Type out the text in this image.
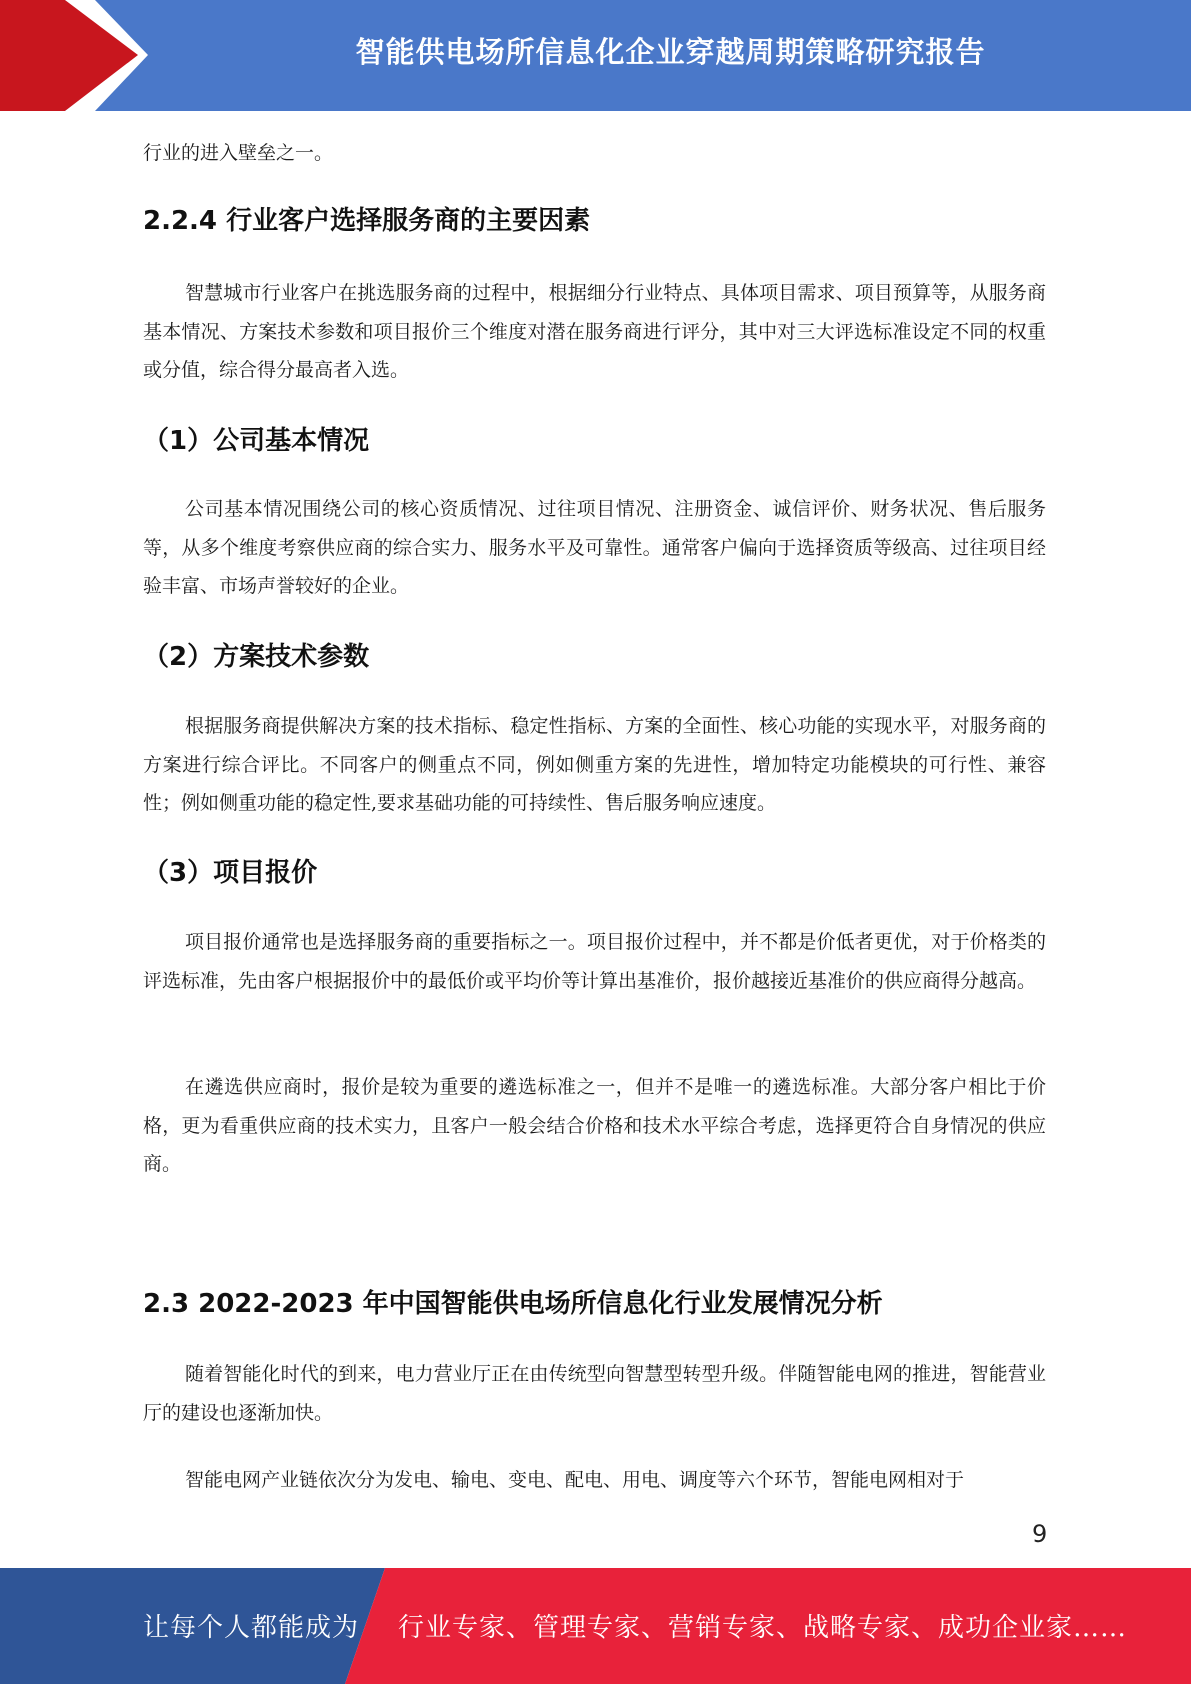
智能供电场所信息化企业穿越周期策略研究报告

行业的进入壁垒之一。

2.2.4 行业客户选择服务商的主要因素

智慧城市行业客户在挑选服务商的过程中，根据细分行业特点、具体项目需求、项目预算等，从服务商基本情况、方案技术参数和项目报价三个维度对潜在服务商进行评分，其中对三大评选标准设定不同的权重或分值，综合得分最高者入选。

（1）公司基本情况

公司基本情况围绕公司的核心资质情况、过往项目情况、注册资金、诚信评价、财务状况、售后服务等，从多个维度考察供应商的综合实力、服务水平及可靠性。通常客户偏向于选择资质等级高、过往项目经验丰富、市场声誉较好的企业。

（2）方案技术参数

根据服务商提供解决方案的技术指标、稳定性指标、方案的全面性、核心功能的实现水平，对服务商的方案进行综合评比。不同客户的侧重点不同，例如侧重方案的先进性，增加特定功能模块的可行性、兼容性；例如侧重功能的稳定性,要求基础功能的可持续性、售后服务响应速度。

（3）项目报价

项目报价通常也是选择服务商的重要指标之一。项目报价过程中，并不都是价低者更优，对于价格类的评选标准，先由客户根据报价中的最低价或平均价等计算出基准价，报价越接近基准价的供应商得分越高。

在遴选供应商时，报价是较为重要的遴选标准之一，但并不是唯一的遴选标准。大部分客户相比于价格，更为看重供应商的技术实力，且客户一般会结合价格和技术水平综合考虑，选择更符合自身情况的供应商。

2.3 2022-2023 年中国智能供电场所信息化行业发展情况分析

随着智能化时代的到来，电力营业厅正在由传统型向智慧型转型升级。伴随智能电网的推进，智能营业厅的建设也逐渐加快。

智能电网产业链依次分为发电、输电、变电、配电、用电、调度等六个环节，智能电网相对于

9
让每个人都能成为 行业专家、管理专家、营销专家、战略专家、成功企业家……
